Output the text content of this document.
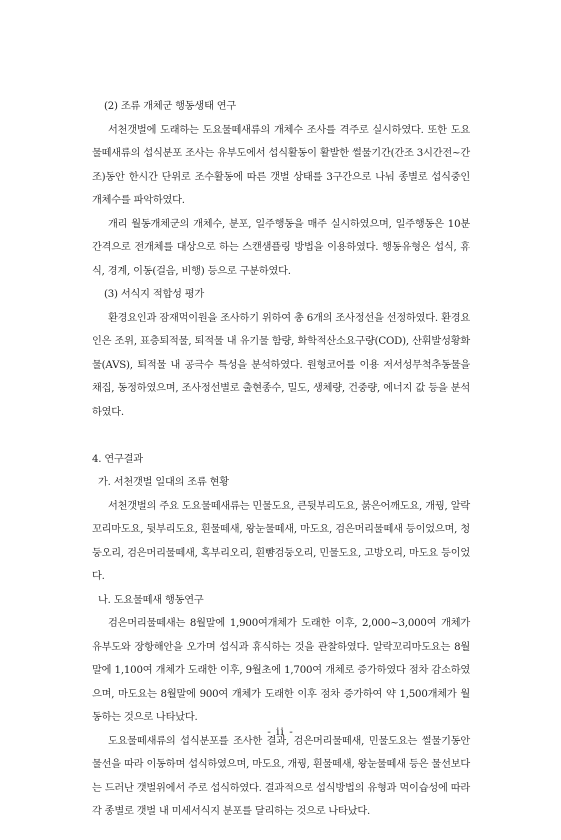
(2) 조류 개체군 행동생태 연구

서천갯벌에 도래하는 도요물떼새류의 개체수 조사를 격주로 실시하였다. 또한 도요물떼새류의 섭식분포 조사는 유부도에서 섭식활동이 활발한 썰물기간(간조 3시간전~간조)동안 한시간 단위로 조수활동에 따른 갯벌 상태를 3구간으로 나눠 종별로 섭식중인 개체수를 파악하였다.

개리 월동개체군의 개체수, 분포, 일주행동을 매주 실시하였으며, 일주행동은 10분간격으로 전개체를 대상으로 하는 스캔샘플링 방법을 이용하였다. 행동유형은 섭식, 휴식, 경계, 이동(걸음, 비행) 등으로 구분하였다.

(3) 서식지 적합성 평가

환경요인과 잠재먹이원을 조사하기 위하여 총 6개의 조사정선을 선정하였다. 환경요인은 조위, 표층퇴적물, 퇴적물 내 유기물 함량, 화학적산소요구량(COD), 산휘발성황화물(AVS), 퇴적물 내 공극수 특성을 분석하였다. 원형코어를 이용 저서성무척추동물을 채집, 동정하였으며, 조사정선별로 출현종수, 밀도, 생체량, 건중량, 에너지 값 등을 분석하였다.

4. 연구결과

가. 서천갯벌 일대의 조류 현황

서천갯벌의 주요 도요물떼새류는 민물도요, 큰뒷부리도요, 붉은어깨도요, 개꿩, 알락꼬리마도요, 뒷부리도요, 흰물떼새, 왕눈물떼새, 마도요, 검은머리물떼새 등이었으며, 청둥오리, 검은머리물떼새, 혹부리오리, 흰뺨검둥오리, 민물도요, 고방오리, 마도요 등이었다.

나. 도요물떼새 행동연구

검은머리물떼새는 8월말에 1,900여개체가 도래한 이후, 2,000~3,000여 개체가 유부도와 장항해안을 오가며 섭식과 휴식하는 것을 관찰하였다. 알락꼬리마도요는 8월말에 1,100여 개체가 도래한 이후, 9월초에 1,700여 개체로 증가하였다 점차 감소하였으며, 마도요는 8월말에 900여 개체가 도래한 이후 점차 증가하여 약 1,500개체가 월동하는 것으로 나타났다.

도요물떼새류의 섭식분포를 조사한 결과, 검은머리물떼새, 민물도요는 썰물기동안 물선을 따라 이동하며 섭식하였으며, 마도요, 개꿩, 흰물떼새, 왕눈물떼새 등은 물선보다는 드러난 갯벌위에서 주로 섭식하였다. 결과적으로 섭식방법의 유형과 먹이습성에 따라 각 종별로 갯벌 내 미세서식지 분포를 달리하는 것으로 나타났다.

- ii -
